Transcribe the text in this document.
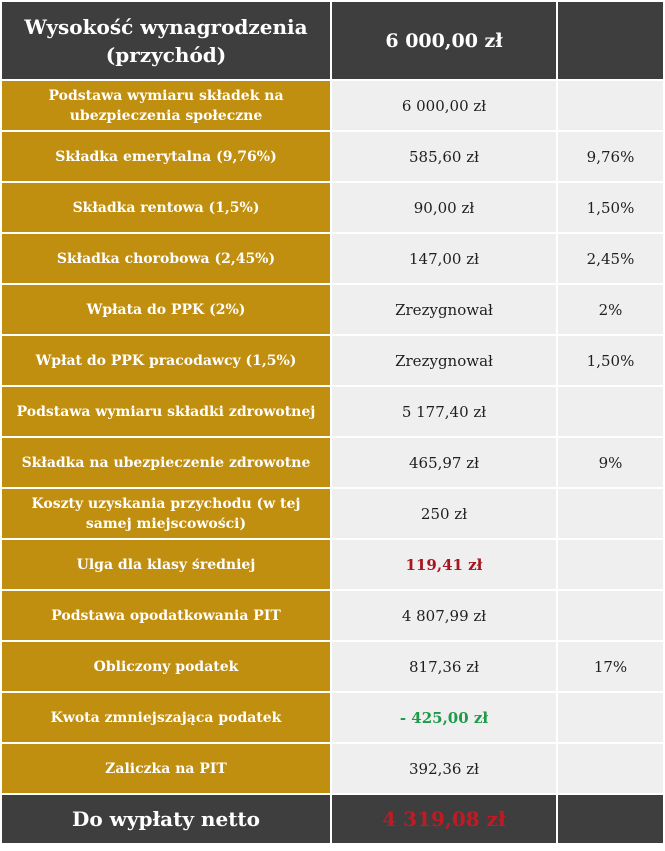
Wysokość wynagrodzenia (przychód)	6 000,00 zł	
Podstawa wymiaru składek na ubezpieczenia społeczne	6 000,00 zł	
Składka emerytalna (9,76%)	585,60 zł	9,76%
Składka rentowa (1,5%)	90,00 zł	1,50%
Składka chorobowa (2,45%)	147,00 zł	2,45%
Wpłata do PPK (2%)	Zrezygnował	2%
Wpłat do PPK pracodawcy (1,5%)	Zrezygnował	1,50%
Podstawa wymiaru składki zdrowotnej	5 177,40 zł	
Składka na ubezpieczenie zdrowotne	465,97 zł	9%
Koszty uzyskania przychodu (w tej samej miejscowości)	250 zł	
Ulga dla klasy średniej	119,41 zł	
Podstawa opodatkowania PIT	4 807,99 zł	
Obliczony podatek	817,36 zł	17%
Kwota zmniejszająca podatek	- 425,00 zł	
Zaliczka na PIT	392,36 zł	
Do wypłaty netto	4 319,08 zł	
